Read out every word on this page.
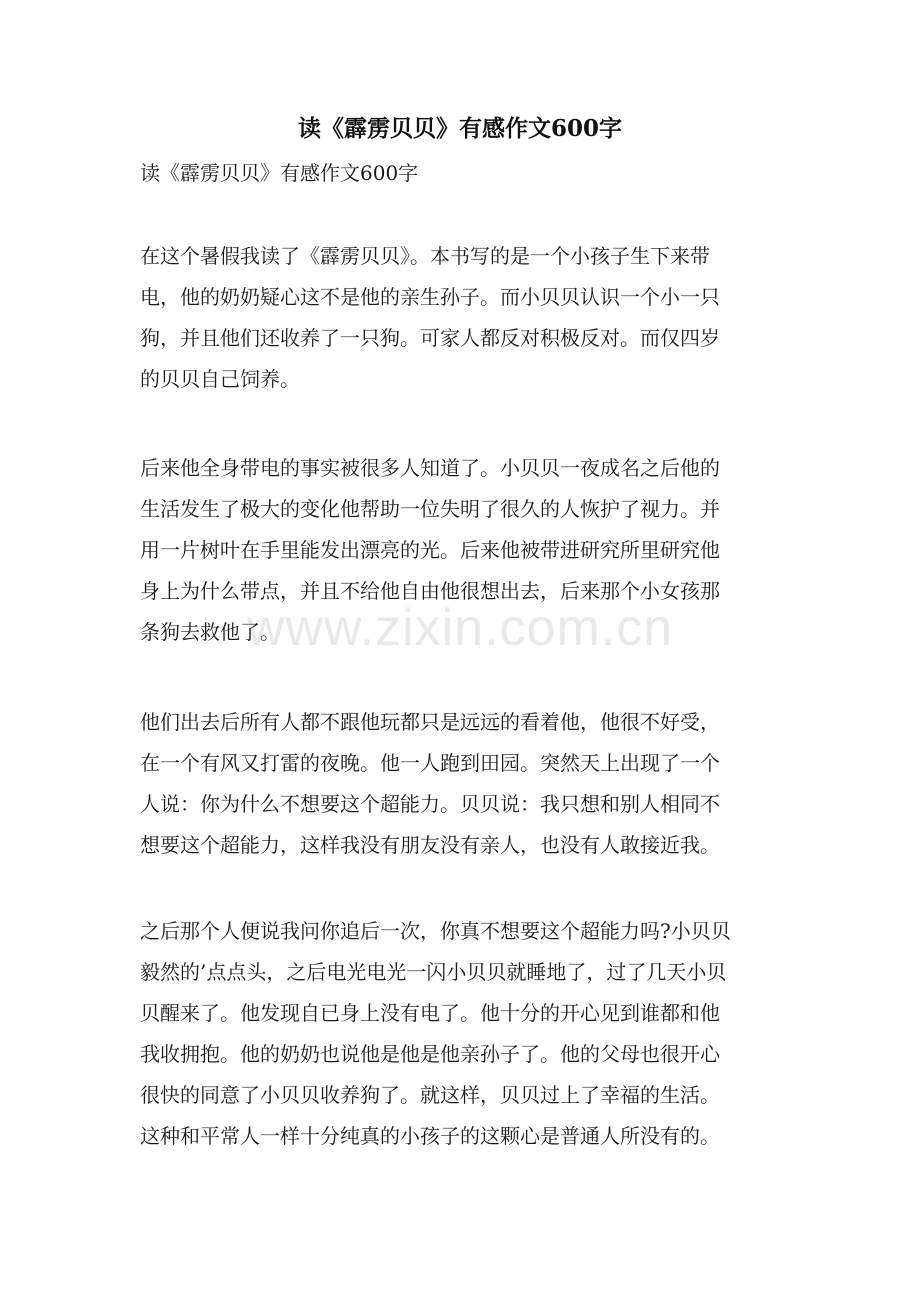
读《霹雳贝贝》有感作文600字

读《霹雳贝贝》有感作文600字

在这个暑假我读了《霹雳贝贝》。本书写的是一个小孩子生下来带
电，他的奶奶疑心这不是他的亲生孙子。而小贝贝认识一个小一只
狗，并且他们还收养了一只狗。可家人都反对积极反对。而仅四岁
的贝贝自己饲养。
后来他全身带电的事实被很多人知道了。小贝贝一夜成名之后他的
生活发生了极大的变化他帮助一位失明了很久的人恢护了视力。并
用一片树叶在手里能发出漂亮的光。后来他被带进研究所里研究他
身上为什么带点，并且不给他自由他很想出去，后来那个小女孩那
条狗去救他了。
他们出去后所有人都不跟他玩都只是远远的看着他，他很不好受，
在一个有风又打雷的夜晚。他一人跑到田园。突然天上出现了一个
人说：你为什么不想要这个超能力。贝贝说：我只想和别人相同不
想要这个超能力，这样我没有朋友没有亲人，也没有人敢接近我。
之后那个人便说我问你追后一次，你真不想要这个超能力吗?小贝贝
毅然的’点点头，之后电光电光一闪小贝贝就睡地了，过了几天小贝
贝醒来了。他发现自已身上没有电了。他十分的开心见到谁都和他
我收拥抱。他的奶奶也说他是他是他亲孙子了。他的父母也很开心
很快的同意了小贝贝收养狗了。就这样，贝贝过上了幸福的生活。
这种和平常人一样十分纯真的小孩子的这颗心是普通人所没有的。
www.zixin.com.cn
